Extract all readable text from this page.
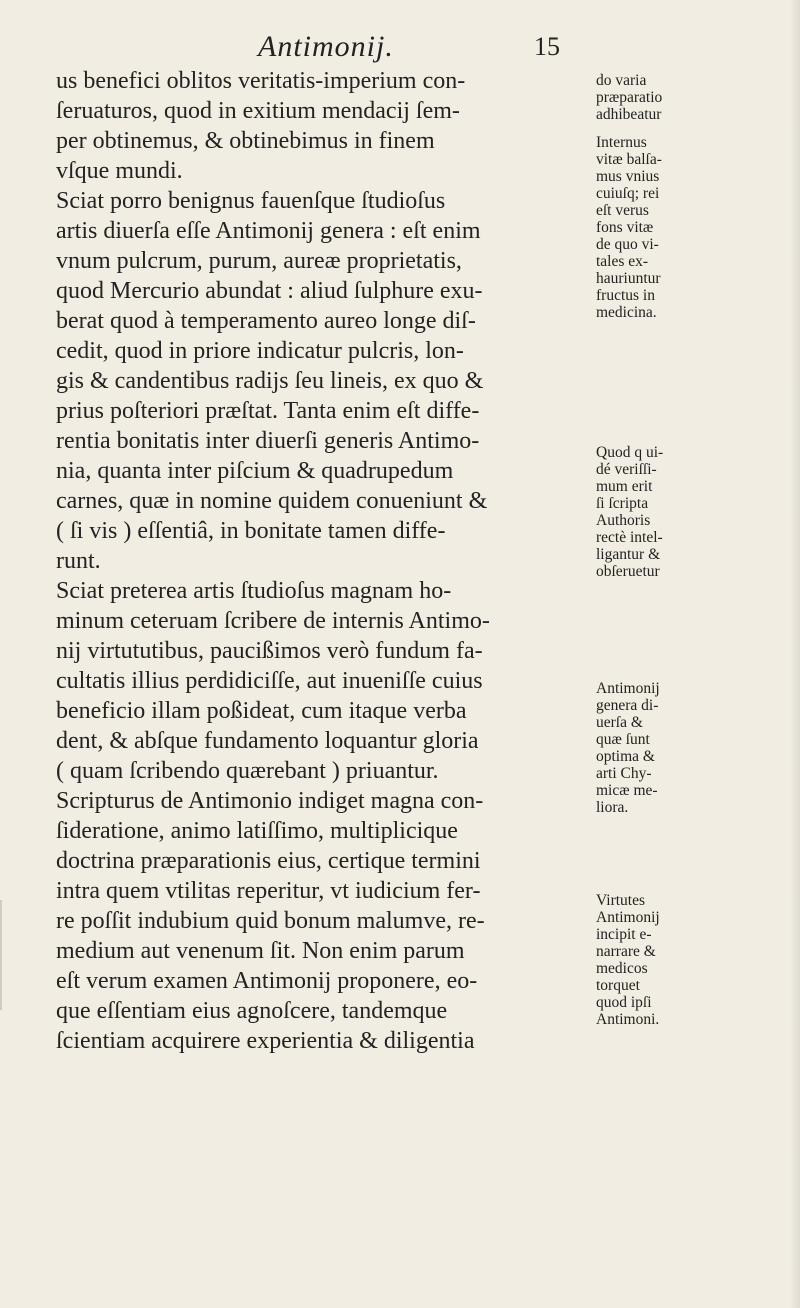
Antimonij.	15
us benefici oblitos veritatis-imperium con-
ſeruaturos, quod in exitium mendacij ſem-
per obtinemus, & obtinebimus in finem
vſque mundi.
Sciat porro benignus fauenſque ſtudioſus
artis diuerſa eſſe Antimonij genera : eſt enim
vnum pulcrum, purum, aureæ proprietatis,
quod Mercurio abundat : aliud ſulphure exu-
berat quod à temperamento aureo longe diſ-
cedit, quod in priore indicatur pulcris, lon-
gis & candentibus radijs ſeu lineis, ex quo &
prius poſteriori præſtat. Tanta enim eſt diffe-
rentia bonitatis inter diuerſi generis Antimo-
nia, quanta inter piſcium & quadrupedum
carnes, quæ in nomine quidem conueniunt &
( ſi vis ) eſſentiâ, in bonitate tamen diffe-
runt.
Sciat preterea artis ſtudioſus magnam ho-
minum ceteruam ſcribere de internis Antimo-
nij virtututibus, paucißimos verò fundum fa-
cultatis illius perdidiciſſe, aut inueniſſe cuius
beneficio illam poßideat, cum itaque verba
dent, & abſque fundamento loquantur gloria
( quam ſcribendo quærebant ) priuantur.
Scripturus de Antimonio indiget magna con-
ſideratione, animo latiſſimo, multiplicique
doctrina præparationis eius, certique termini
intra quem vtilitas reperitur, vt iudicium fer-
re poſſit indubium quid bonum malumve, re-
medium aut venenum ſit. Non enim parum
eſt verum examen Antimonij proponere, eo-
que eſſentiam eius agnoſcere, tandemque
ſcientiam acquirere experientia & diligentia
do varia
præparatio
adhibeatur
Internus
vitæ balſa-
mus vnius
cuiuſq; rei
eſt verus
fons vitæ
de quo vi-
tales ex-
hauriuntur
fructus in
medicina.
Quod q ui-
dé veriſſi-
mum erit
ſi ſcripta
Authoris
rectè intel-
ligantur &
obſeruetur
Antimonij
genera di-
uerſa &
quæ ſunt
optima &
arti Chy-
micæ me-
liora.
Virtutes
Antimonij
incipit e-
narrare &
medicos
torquet
quod ipſi
Antimoni.
